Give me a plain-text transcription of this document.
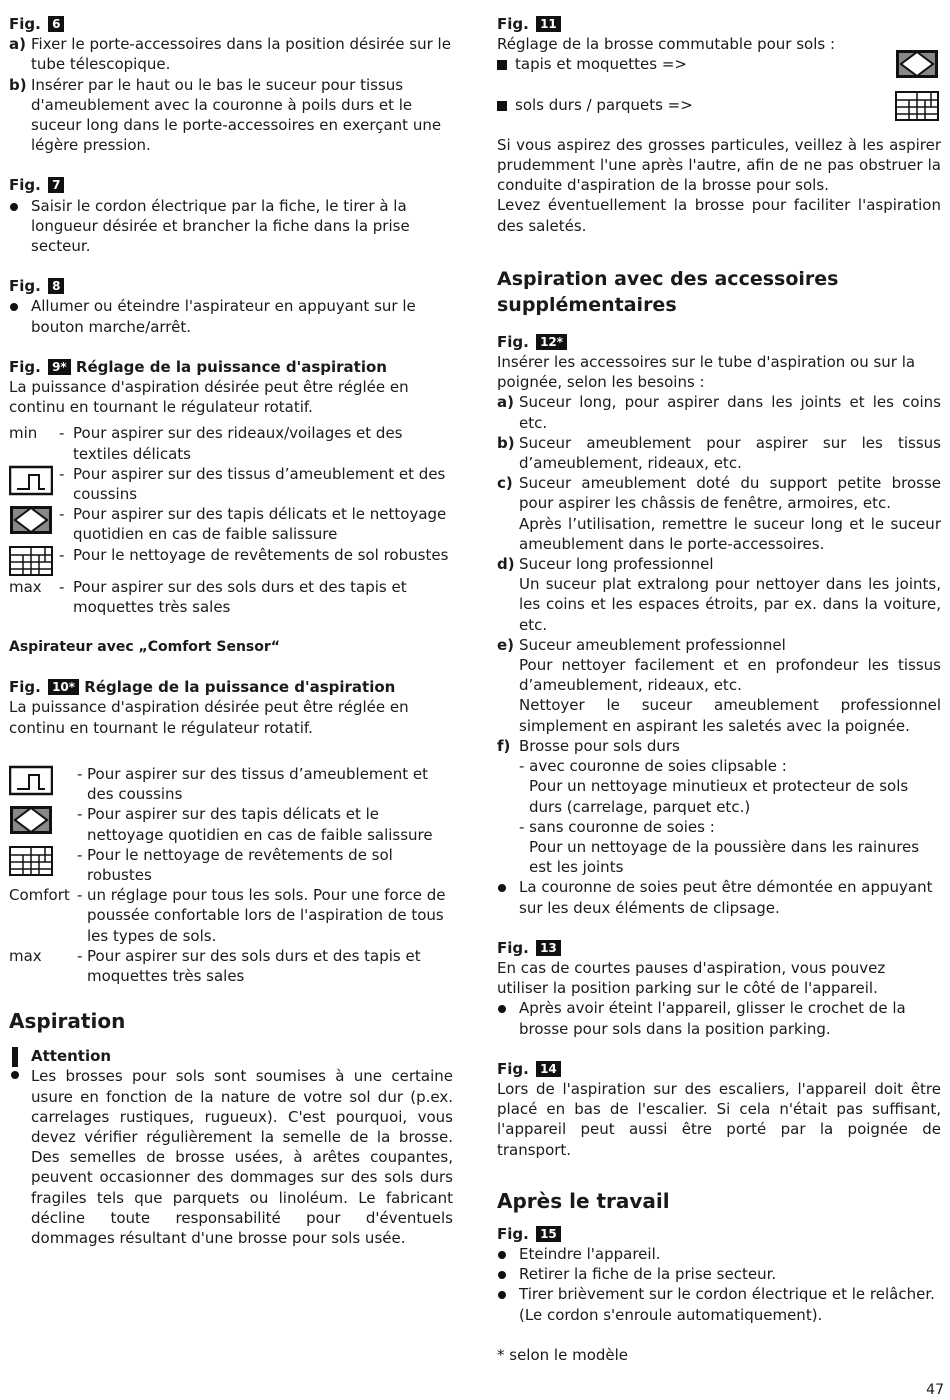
Fig. 6

a) Fixer le porte-accessoires dans la position désirée sur le tube télescopique.
b) Insérer par le haut ou le bas le suceur pour tissus d'ameublement avec la couronne à poils durs et le suceur long dans le porte-accessoires en exerçant une légère pression.

Fig. 7

Saisir le cordon électrique par la fiche, le tirer à la longueur désirée et brancher la fiche dans la prise secteur.

Fig. 8

Allumer ou éteindre l'aspirateur en appuyant sur le bouton marche/arrêt.

Fig. 9* Réglage de la puissance d'aspiration

La puissance d'aspiration désirée peut être réglée en continu en tournant le régulateur rotatif.

min	- Pour aspirer sur des rideaux/voilages et des textiles délicats
- Pour aspirer sur des tissus d’ameublement et des coussins
- Pour aspirer sur des tapis délicats et le nettoyage quotidien en cas de faible salissure
- Pour le nettoyage de revêtements de sol robustes
max	- Pour aspirer sur des sols durs et des tapis et moquettes très sales

Aspirateur avec „Comfort Sensor“

Fig. 10* Réglage de la puissance d'aspiration

La puissance d'aspiration désirée peut être réglée en continu en tournant le régulateur rotatif.

- Pour aspirer sur des tissus d’ameublement et des coussins
- Pour aspirer sur des tapis délicats et le nettoyage quotidien en cas de faible salissure
- Pour le nettoyage de revêtements de sol robustes
Comfort - un réglage pour tous les sols. Pour une force de poussée confortable lors de l'aspiration de tous les types de sols.
max	- Pour aspirer sur des sols durs et des tapis et moquettes très sales

Aspiration

Attention

Les brosses pour sols sont soumises à une certaine usure en fonction de la nature de votre sol dur (p.ex. carrelages rustiques, rugueux). C'est pourquoi, vous devez vérifier régulièrement la semelle de la brosse. Des semelles de brosse usées, à arêtes coupantes, peuvent occasionner des dommages sur des sols durs fragiles tels que parquets ou linoléum. Le fabricant décline toute responsabilité pour d'éventuels dommages résultant d'une brosse pour sols usée.

Fig. 11

Réglage de la brosse commutable pour sols :

tapis et moquettes =>

sols durs / parquets =>

Si vous aspirez des grosses particules, veillez à les aspirer prudemment l'une après l'autre, afin de ne pas obstruer la conduite d'aspiration de la brosse pour sols.

Levez éventuellement la brosse pour faciliter l'aspiration des saletés.

Aspiration avec des accessoires supplémentaires

Fig. 12*

Insérer les accessoires sur le tube d'aspiration ou sur la poignée, selon les besoins :

a) Suceur long, pour aspirer dans les joints et les coins etc.
b) Suceur ameublement pour aspirer sur les tissus d’ameublement, rideaux, etc.
c) Suceur ameublement doté du support petite brosse pour aspirer les châssis de fenêtre, armoires, etc.

Après l’utilisation, remettre le suceur long et le suceur ameublement dans le porte-accessoires.

d) Suceur long professionnel

Un suceur plat extralong pour nettoyer dans les joints, les coins et les espaces étroits, par ex. dans la voiture, etc.

e) Suceur ameublement professionnel

Pour nettoyer facilement et en profondeur les tissus d’ameublement, rideaux, etc.

Nettoyer le suceur ameublement professionnel simplement en aspirant les saletés avec la poignée.

f) Brosse pour sols durs

- avec couronne de soies clipsable :

Pour un nettoyage minutieux et protecteur de sols durs (carrelage, parquet etc.)

- sans couronne de soies :

Pour un nettoyage de la poussière dans les rainures est les joints

La couronne de soies peut être démontée en appuyant sur les deux éléments de clipsage.

Fig. 13

En cas de courtes pauses d'aspiration, vous pouvez utiliser la position parking sur le côté de l'appareil.

Après avoir éteint l'appareil, glisser le crochet de la brosse pour sols dans la position parking.

Fig. 14

Lors de l'aspiration sur des escaliers, l'appareil doit être placé en bas de l'escalier. Si cela n'était pas suffisant, l'appareil peut aussi être porté par la poignée de transport.

Après le travail

Fig. 15

Eteindre l'appareil.
Retirer la fiche de la prise secteur.
Tirer brièvement sur le cordon électrique et le relâcher. (Le cordon s'enroule automatiquement).

* selon le modèle

47
